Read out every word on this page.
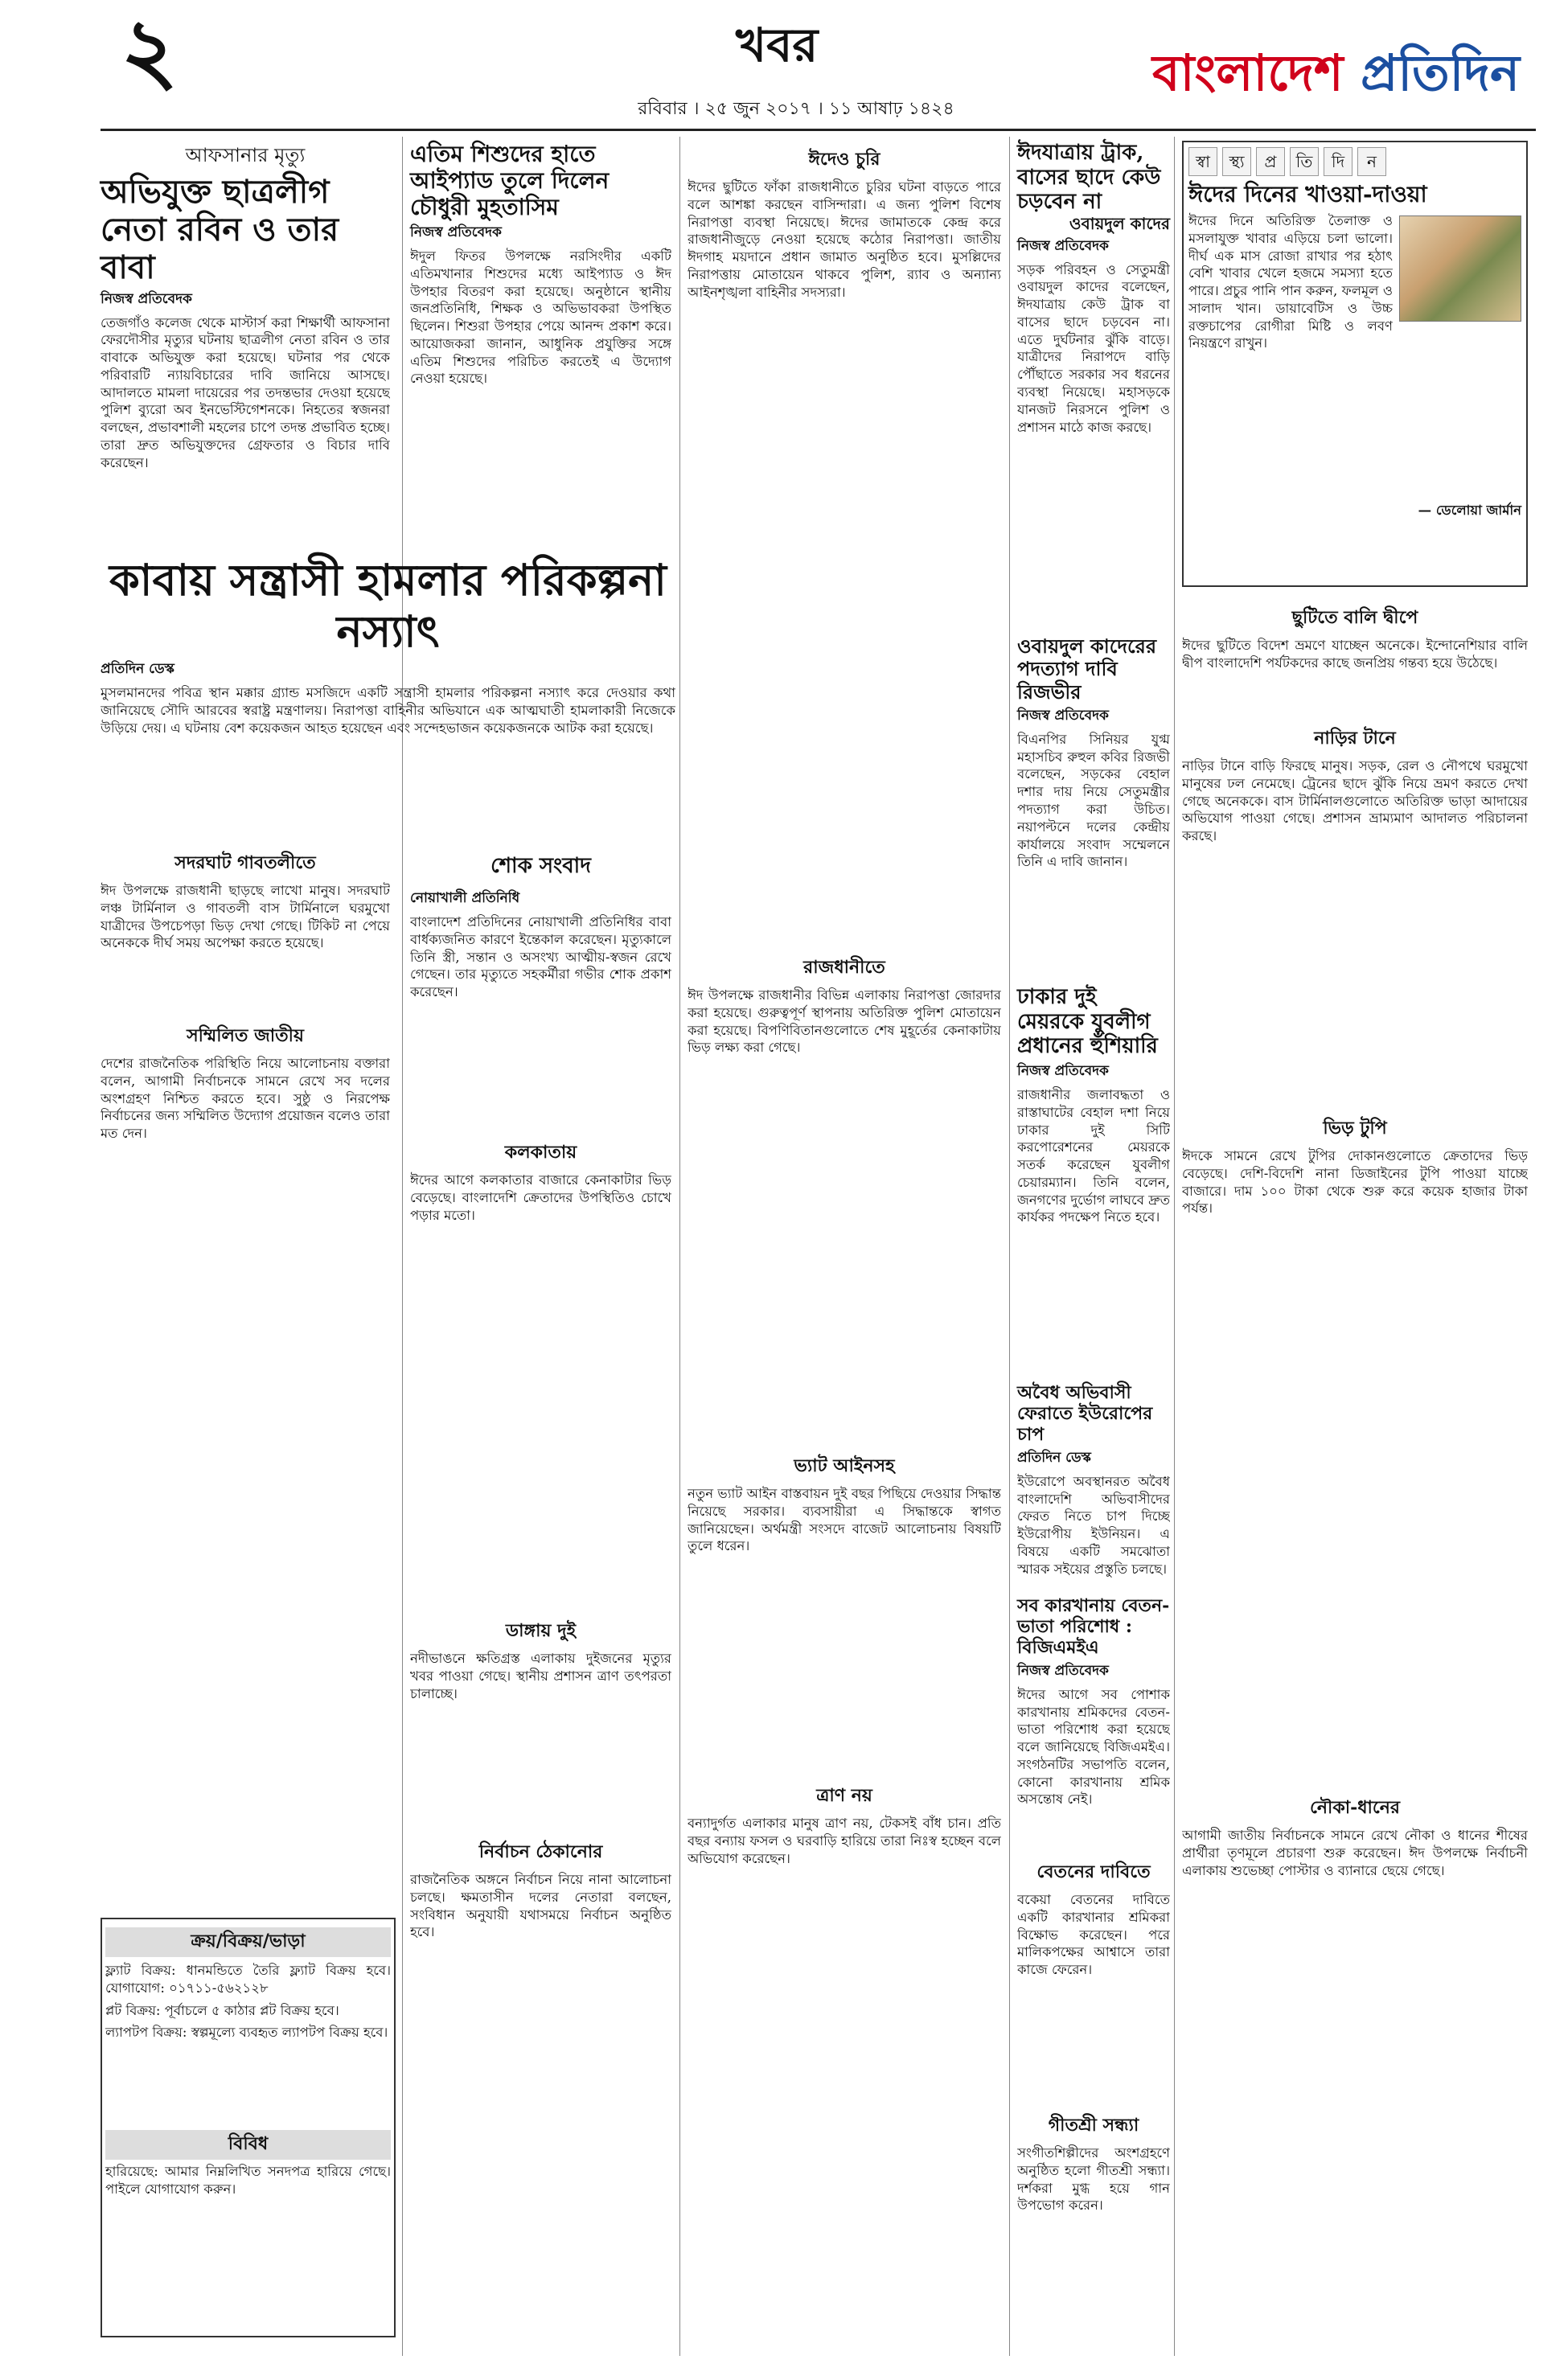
২	খবর
রবিবার । ২৫ জুন ২০১৭ । ১১ আষাঢ় ১৪২৪
বাংলাদেশ প্রতিদিন
আফসানার মৃত্যু
অভিযুক্ত ছাত্রলীগ নেতা রবিন ও তার বাবা
নিজস্ব প্রতিবেদক
তেজগাঁও কলেজ থেকে মাস্টার্স করা শিক্ষার্থী আফসানা ফেরদৌসীর মৃত্যুর ঘটনায় ছাত্রলীগ নেতা রবিন ও তার বাবাকে অভিযুক্ত করা হয়েছে। ঘটনার পর থেকে পরিবারটি ন্যায়বিচারের দাবি জানিয়ে আসছে। আদালতে মামলা দায়েরের পর তদন্তভার দেওয়া হয়েছে পুলিশ ব্যুরো অব ইনভেস্টিগেশনকে। নিহতের স্বজনরা বলছেন, প্রভাবশালী মহলের চাপে তদন্ত প্রভাবিত হচ্ছে। তারা দ্রুত অভিযুক্তদের গ্রেফতার ও বিচার দাবি করেছেন।
কাবায় সন্ত্রাসী হামলার পরিকল্পনা নস্যাৎ
প্রতিদিন ডেস্ক
মুসলমানদের পবিত্র স্থান মক্কার গ্র্যান্ড মসজিদে একটি সন্ত্রাসী হামলার পরিকল্পনা নস্যাৎ করে দেওয়ার কথা জানিয়েছে সৌদি আরবের স্বরাষ্ট্র মন্ত্রণালয়। নিরাপত্তা বাহিনীর অভিযানে এক আত্মঘাতী হামলাকারী নিজেকে উড়িয়ে দেয়। এ ঘটনায় বেশ কয়েকজন আহত হয়েছেন এবং সন্দেহভাজন কয়েকজনকে আটক করা হয়েছে।
সদরঘাট গাবতলীতে
ঈদ উপলক্ষে রাজধানী ছাড়ছে লাখো মানুষ। সদরঘাট লঞ্চ টার্মিনাল ও গাবতলী বাস টার্মিনালে ঘরমুখো যাত্রীদের উপচেপড়া ভিড় দেখা গেছে। টিকিট না পেয়ে অনেককে দীর্ঘ সময় অপেক্ষা করতে হয়েছে।
সম্মিলিত জাতীয়
দেশের রাজনৈতিক পরিস্থিতি নিয়ে আলোচনায় বক্তারা বলেন, আগামী নির্বাচনকে সামনে রেখে সব দলের অংশগ্রহণ নিশ্চিত করতে হবে। সুষ্ঠু ও নিরপেক্ষ নির্বাচনের জন্য সম্মিলিত উদ্যোগ প্রয়োজন বলেও তারা মত দেন।
ক্রয়/বিক্রয়/ভাড়া
ফ্ল্যাট বিক্রয়: ধানমন্ডিতে তৈরি ফ্ল্যাট বিক্রয় হবে। যোগাযোগ: ০১৭১১-৫৬২১২৮
প্লট বিক্রয়: পূর্বাচলে ৫ কাঠার প্লট বিক্রয় হবে।
ল্যাপটপ বিক্রয়: স্বল্পমূল্যে ব্যবহৃত ল্যাপটপ বিক্রয় হবে।
বিবিধ
হারিয়েছে: আমার নিম্নলিখিত সনদপত্র হারিয়ে গেছে। পাইলে যোগাযোগ করুন।
এতিম শিশুদের হাতে আইপ্যাড তুলে দিলেন চৌধুরী মুহতাসিম
নিজস্ব প্রতিবেদক
ঈদুল ফিতর উপলক্ষে নরসিংদীর একটি এতিমখানার শিশুদের মধ্যে আইপ্যাড ও ঈদ উপহার বিতরণ করা হয়েছে। অনুষ্ঠানে স্থানীয় জনপ্রতিনিধি, শিক্ষক ও অভিভাবকরা উপস্থিত ছিলেন। শিশুরা উপহার পেয়ে আনন্দ প্রকাশ করে। আয়োজকরা জানান, আধুনিক প্রযুক্তির সঙ্গে এতিম শিশুদের পরিচিত করতেই এ উদ্যোগ নেওয়া হয়েছে।
শোক সংবাদ
নোয়াখালী প্রতিনিধি
বাংলাদেশ প্রতিদিনের নোয়াখালী প্রতিনিধির বাবা বার্ধক্যজনিত কারণে ইন্তেকাল করেছেন। মৃত্যুকালে তিনি স্ত্রী, সন্তান ও অসংখ্য আত্মীয়-স্বজন রেখে গেছেন। তার মৃত্যুতে সহকর্মীরা গভীর শোক প্রকাশ করেছেন।
কলকাতায়
ঈদের আগে কলকাতার বাজারে কেনাকাটার ভিড় বেড়েছে। বাংলাদেশি ক্রেতাদের উপস্থিতিও চোখে পড়ার মতো।
ডাঙ্গায় দুই
নদীভাঙনে ক্ষতিগ্রস্ত এলাকায় দুইজনের মৃত্যুর খবর পাওয়া গেছে। স্থানীয় প্রশাসন ত্রাণ তৎপরতা চালাচ্ছে।
নির্বাচন ঠেকানোর
রাজনৈতিক অঙ্গনে নির্বাচন নিয়ে নানা আলোচনা চলছে। ক্ষমতাসীন দলের নেতারা বলছেন, সংবিধান অনুযায়ী যথাসময়ে নির্বাচন অনুষ্ঠিত হবে।
ঈদেও চুরি
ঈদের ছুটিতে ফাঁকা রাজধানীতে চুরির ঘটনা বাড়তে পারে বলে আশঙ্কা করছেন বাসিন্দারা। এ জন্য পুলিশ বিশেষ নিরাপত্তা ব্যবস্থা নিয়েছে। ঈদের জামাতকে কেন্দ্র করে রাজধানীজুড়ে নেওয়া হয়েছে কঠোর নিরাপত্তা। জাতীয় ঈদগাহ ময়দানে প্রধান জামাত অনুষ্ঠিত হবে। মুসল্লিদের নিরাপত্তায় মোতায়েন থাকবে পুলিশ, র‍্যাব ও অন্যান্য আইনশৃঙ্খলা বাহিনীর সদস্যরা।
রাজধানীতে
ঈদ উপলক্ষে রাজধানীর বিভিন্ন এলাকায় নিরাপত্তা জোরদার করা হয়েছে। গুরুত্বপূর্ণ স্থাপনায় অতিরিক্ত পুলিশ মোতায়েন করা হয়েছে। বিপণিবিতানগুলোতে শেষ মুহূর্তের কেনাকাটায় ভিড় লক্ষ্য করা গেছে।
ভ্যাট আইনসহ
নতুন ভ্যাট আইন বাস্তবায়ন দুই বছর পিছিয়ে দেওয়ার সিদ্ধান্ত নিয়েছে সরকার। ব্যবসায়ীরা এ সিদ্ধান্তকে স্বাগত জানিয়েছেন। অর্থমন্ত্রী সংসদে বাজেট আলোচনায় বিষয়টি তুলে ধরেন।
ত্রাণ নয়
বন্যাদুর্গত এলাকার মানুষ ত্রাণ নয়, টেকসই বাঁধ চান। প্রতি বছর বন্যায় ফসল ও ঘরবাড়ি হারিয়ে তারা নিঃস্ব হচ্ছেন বলে অভিযোগ করেছেন।
ঈদযাত্রায় ট্রাক, বাসের ছাদে কেউ চড়বেন না
ওবায়দুল কাদের
নিজস্ব প্রতিবেদক
সড়ক পরিবহন ও সেতুমন্ত্রী ওবায়দুল কাদের বলেছেন, ঈদযাত্রায় কেউ ট্রাক বা বাসের ছাদে চড়বেন না। এতে দুর্ঘটনার ঝুঁকি বাড়ে। যাত্রীদের নিরাপদে বাড়ি পৌঁছাতে সরকার সব ধরনের ব্যবস্থা নিয়েছে। মহাসড়কে যানজট নিরসনে পুলিশ ও প্রশাসন মাঠে কাজ করছে।
ওবায়দুল কাদেরের পদত্যাগ দাবি রিজভীর
নিজস্ব প্রতিবেদক
বিএনপির সিনিয়র যুগ্ম মহাসচিব রুহুল কবির রিজভী বলেছেন, সড়কের বেহাল দশার দায় নিয়ে সেতুমন্ত্রীর পদত্যাগ করা উচিত। নয়াপল্টনে দলের কেন্দ্রীয় কার্যালয়ে সংবাদ সম্মেলনে তিনি এ দাবি জানান।
ঢাকার দুই মেয়রকে যুবলীগ প্রধানের হুঁশিয়ারি
নিজস্ব প্রতিবেদক
রাজধানীর জলাবদ্ধতা ও রাস্তাঘাটের বেহাল দশা নিয়ে ঢাকার দুই সিটি করপোরেশনের মেয়রকে সতর্ক করেছেন যুবলীগ চেয়ারম্যান। তিনি বলেন, জনগণের দুর্ভোগ লাঘবে দ্রুত কার্যকর পদক্ষেপ নিতে হবে।
অবৈধ অভিবাসী ফেরাতে ইউরোপের চাপ
প্রতিদিন ডেস্ক
ইউরোপে অবস্থানরত অবৈধ বাংলাদেশি অভিবাসীদের ফেরত নিতে চাপ দিচ্ছে ইউরোপীয় ইউনিয়ন। এ বিষয়ে একটি সমঝোতা স্মারক সইয়ের প্রস্তুতি চলছে।
সব কারখানায় বেতন-ভাতা পরিশোধ : বিজিএমইএ
নিজস্ব প্রতিবেদক
ঈদের আগে সব পোশাক কারখানায় শ্রমিকদের বেতন-ভাতা পরিশোধ করা হয়েছে বলে জানিয়েছে বিজিএমইএ। সংগঠনটির সভাপতি বলেন, কোনো কারখানায় শ্রমিক অসন্তোষ নেই।
বেতনের দাবিতে
বকেয়া বেতনের দাবিতে একটি কারখানার শ্রমিকরা বিক্ষোভ করেছেন। পরে মালিকপক্ষের আশ্বাসে তারা কাজে ফেরেন।
গীতশ্রী সন্ধ্যা
সংগীতশিল্পীদের অংশগ্রহণে অনুষ্ঠিত হলো গীতশ্রী সন্ধ্যা। দর্শকরা মুগ্ধ হয়ে গান উপভোগ করেন।
স্বা স্থ্য প্র তি দি ন
ঈদের দিনের খাওয়া-দাওয়া
ঈদের দিনে অতিরিক্ত তৈলাক্ত ও মসলাযুক্ত খাবার এড়িয়ে চলা ভালো। দীর্ঘ এক মাস রোজা রাখার পর হঠাৎ বেশি খাবার খেলে হজমে সমস্যা হতে পারে। প্রচুর পানি পান করুন, ফলমূল ও সালাদ খান। ডায়াবেটিস ও উচ্চ রক্তচাপের রোগীরা মিষ্টি ও লবণ নিয়ন্ত্রণে রাখুন।
— ডেলোয়া জার্মান
ছুটিতে বালি দ্বীপে
ঈদের ছুটিতে বিদেশ ভ্রমণে যাচ্ছেন অনেকে। ইন্দোনেশিয়ার বালি দ্বীপ বাংলাদেশি পর্যটকদের কাছে জনপ্রিয় গন্তব্য হয়ে উঠেছে।
নাড়ির টানে
নাড়ির টানে বাড়ি ফিরছে মানুষ। সড়ক, রেল ও নৌপথে ঘরমুখো মানুষের ঢল নেমেছে। ট্রেনের ছাদে ঝুঁকি নিয়ে ভ্রমণ করতে দেখা গেছে অনেককে। বাস টার্মিনালগুলোতে অতিরিক্ত ভাড়া আদায়ের অভিযোগ পাওয়া গেছে। প্রশাসন ভ্রাম্যমাণ আদালত পরিচালনা করছে।
ভিড় টুপি
ঈদকে সামনে রেখে টুপির দোকানগুলোতে ক্রেতাদের ভিড় বেড়েছে। দেশি-বিদেশি নানা ডিজাইনের টুপি পাওয়া যাচ্ছে বাজারে। দাম ১০০ টাকা থেকে শুরু করে কয়েক হাজার টাকা পর্যন্ত।
নৌকা-ধানের
আগামী জাতীয় নির্বাচনকে সামনে রেখে নৌকা ও ধানের শীষের প্রার্থীরা তৃণমূলে প্রচারণা শুরু করেছেন। ঈদ উপলক্ষে নির্বাচনী এলাকায় শুভেচ্ছা পোস্টার ও ব্যানারে ছেয়ে গেছে।
